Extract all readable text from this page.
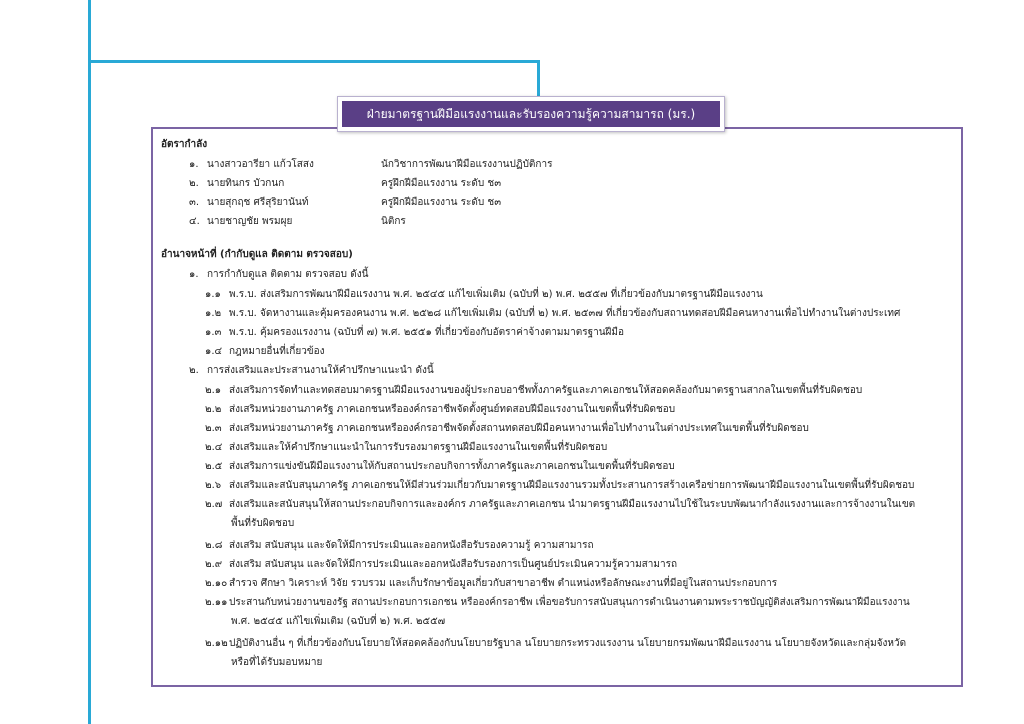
อัตรากำลัง
๑. นางสาวอารียา แก้วโสสง	นักวิชาการพัฒนาฝีมือแรงงานปฏิบัติการ
๒. นายทินกร บัวกนก	ครูฝึกฝีมือแรงงาน ระดับ ช๓
๓. นายสุกฤช ศรีสุริยานันท์	ครูฝึกฝีมือแรงงาน ระดับ ช๓
๔. นายชาญชัย พรมผุย	นิติกร
อำนาจหน้าที่ (กำกับดูแล ติดตาม ตรวจสอบ)
๑. การกำกับดูแล ติดตาม ตรวจสอบ ดังนี้
๑.๑ พ.ร.บ. ส่งเสริมการพัฒนาฝีมือแรงงาน พ.ศ. ๒๕๔๕ แก้ไขเพิ่มเติม (ฉบับที่ ๒) พ.ศ. ๒๕๕๗ ที่เกี่ยวข้องกับมาตรฐานฝีมือแรงงาน
๑.๒ พ.ร.บ. จัดหางานและคุ้มครองคนงาน พ.ศ. ๒๕๒๘ แก้ไขเพิ่มเติม (ฉบับที่ ๒) พ.ศ. ๒๕๓๗ ที่เกี่ยวข้องกับสถานทดสอบฝีมือคนหางานเพื่อไปทำงานในต่างประเทศ
๑.๓ พ.ร.บ. คุ้มครองแรงงาน (ฉบับที่ ๗) พ.ศ. ๒๕๕๑ ที่เกี่ยวข้องกับอัตราค่าจ้างตามมาตรฐานฝีมือ
๑.๔ กฎหมายอื่นที่เกี่ยวข้อง
๒. การส่งเสริมและประสานงานให้คำปรึกษาแนะนำ ดังนี้
๒.๑ ส่งเสริมการจัดทำและทดสอบมาตรฐานฝีมือแรงงานของผู้ประกอบอาชีพทั้งภาครัฐและภาคเอกชนให้สอดคล้องกับมาตรฐานสากลในเขตพื้นที่รับผิดชอบ
๒.๒ ส่งเสริมหน่วยงานภาครัฐ ภาคเอกชนหรือองค์กรอาชีพจัดตั้งศูนย์ทดสอบฝีมือแรงงานในเขตพื้นที่รับผิดชอบ
๒.๓ ส่งเสริมหน่วยงานภาครัฐ ภาคเอกชนหรือองค์กรอาชีพจัดตั้งสถานทดสอบฝีมือคนหางานเพื่อไปทำงานในต่างประเทศในเขตพื้นที่รับผิดชอบ
๒.๔ ส่งเสริมและให้คำปรึกษาแนะนำในการรับรองมาตรฐานฝีมือแรงงานในเขตพื้นที่รับผิดชอบ
๒.๕ ส่งเสริมการแข่งขันฝีมือแรงงานให้กับสถานประกอบกิจการทั้งภาครัฐและภาคเอกชนในเขตพื้นที่รับผิดชอบ
๒.๖ ส่งเสริมและสนับสนุนภาครัฐ ภาคเอกชนให้มีส่วนร่วมเกี่ยวกับมาตรฐานฝีมือแรงงานรวมทั้งประสานการสร้างเครือข่ายการพัฒนาฝีมือแรงงานในเขตพื้นที่รับผิดชอบ
๒.๗ ส่งเสริมและสนับสนุนให้สถานประกอบกิจการและองค์กร ภาครัฐและภาคเอกชน นำมาตรฐานฝีมือแรงงานไปใช้ในระบบพัฒนากำลังแรงงานและการจ้างงานในเขต
พื้นที่รับผิดชอบ
๒.๘ ส่งเสริม สนับสนุน และจัดให้มีการประเมินและออกหนังสือรับรองความรู้ ความสามารถ
๒.๙ ส่งเสริม สนับสนุน และจัดให้มีการประเมินและออกหนังสือรับรองการเป็นศูนย์ประเมินความรู้ความสามารถ
๒.๑๐ สำรวจ ศึกษา วิเคราะห์ วิจัย รวบรวม และเก็บรักษาข้อมูลเกี่ยวกับสาขาอาชีพ ตำแหน่งหรือลักษณะงานที่มีอยู่ในสถานประกอบการ
๒.๑๑ ประสานกับหน่วยงานของรัฐ สถานประกอบการเอกชน หรือองค์กรอาชีพ เพื่อขอรับการสนับสนุนการดำเนินงานตามพระราชบัญญัติส่งเสริมการพัฒนาฝีมือแรงงาน
พ.ศ. ๒๕๔๕ แก้ไขเพิ่มเติม (ฉบับที่ ๒) พ.ศ. ๒๕๕๗
๒.๑๒ปฏิบัติงานอื่น ๆ ที่เกี่ยวข้องกับนโยบายให้สอดคล้องกับนโยบายรัฐบาล นโยบายกระทรวงแรงงาน นโยบายกรมพัฒนาฝีมือแรงงาน นโยบายจังหวัดและกลุ่มจังหวัด
หรือที่ได้รับมอบหมาย
ฝ่ายมาตรฐานฝีมือแรงงานและรับรองความรู้ความสามารถ (มร.)
